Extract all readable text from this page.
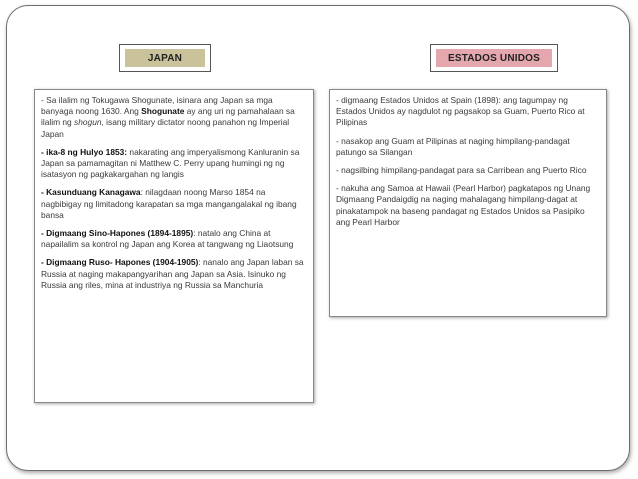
JAPAN	ESTADOS UNIDOS
- Sa ilalim ng Tokugawa Shogunate, isinara ang Japan sa mga banyaga noong 1630. Ang Shogunate ay ang uri ng pamahalaan sa ilalim ng shogun, isang military dictator noong panahon ng Imperial Japan
- ika-8 ng Hulyo 1853: nakarating ang imperyalismong Kanluranin sa Japan sa pamamagitan ni Matthew C. Perry upang humingi ng ng isatasyon ng pagkakargahan ng langis
- Kasunduang Kanagawa: nilagdaan noong Marso 1854 na nagbibigay ng limitadong karapatan sa mga mangangalakal ng ibang bansa
- Digmaang Sino-Hapones (1894-1895): natalo ang China at napailalim sa kontrol ng Japan ang Korea at tangwang ng Liaotsung
- Digmaang Ruso- Hapones (1904-1905): nanalo ang Japan laban sa Russia at naging makapangyarihan ang Japan sa Asia. Isinuko ng Russia ang riles, mina at industriya ng Russia sa Manchuria
- digmaang Estados Unidos at Spain (1898): ang tagumpay ng Estados Unidos ay nagdulot ng pagsakop sa Guam, Puerto Rico at Pilipinas
- nasakop ang Guam at Pilipinas at naging himpilang-pandagat patungo sa Silangan
- nagsilbing himpilang-pandagat para sa Carribean ang Puerto Rico
- nakuha ang Samoa at Hawaii (Pearl Harbor) pagkatapos ng Unang Digmaang Pandaigdig na naging mahalagang himpilang-dagat at pinakatampok na baseng pandagat ng Estados Unidos sa Pasipiko ang Pearl Harbor
